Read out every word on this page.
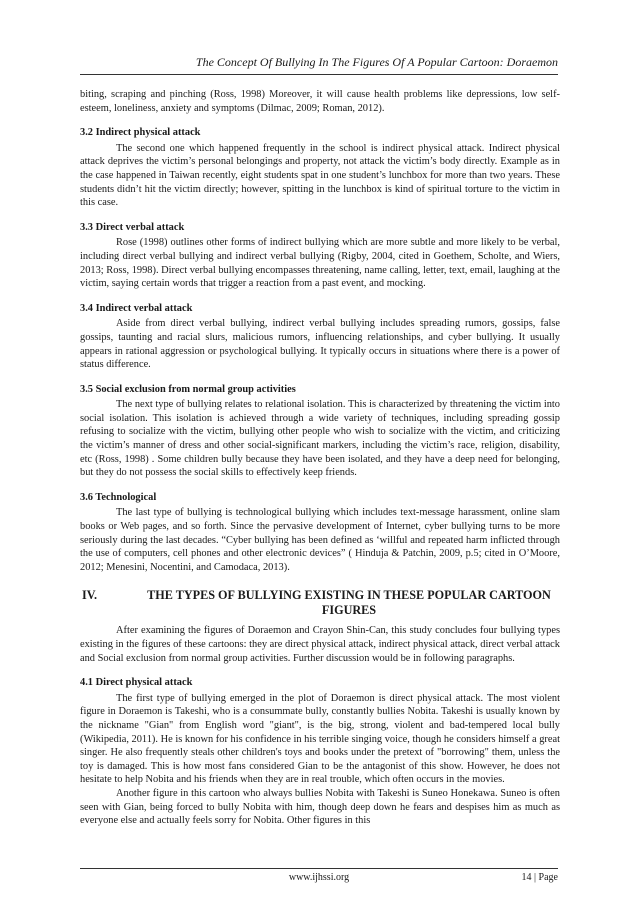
The Concept Of Bullying In The Figures Of A Popular Cartoon: Doraemon

biting, scraping and pinching (Ross, 1998) Moreover, it will cause health problems like depressions, low self-esteem, loneliness, anxiety and symptoms (Dilmac, 2009; Roman, 2012).

3.2 Indirect physical attack

The second one which happened frequently in the school is indirect physical attack. Indirect physical attack deprives the victim’s personal belongings and property, not attack the victim’s body directly. Example as in the case happened in Taiwan recently, eight students spat in one student’s lunchbox for more than two years. These students didn’t hit the victim directly; however, spitting in the lunchbox is kind of spiritual torture to the victim in this case.

3.3 Direct verbal attack

Rose (1998) outlines other forms of indirect bullying which are more subtle and more likely to be verbal, including direct verbal bullying and indirect verbal bullying (Rigby, 2004, cited in Goethem, Scholte, and Wiers, 2013; Ross, 1998). Direct verbal bullying encompasses threatening, name calling, letter, text, email, laughing at the victim, saying certain words that trigger a reaction from a past event, and mocking.

3.4 Indirect verbal attack

Aside from direct verbal bullying, indirect verbal bullying includes spreading rumors, gossips, false gossips, taunting and racial slurs, malicious rumors, influencing relationships, and cyber bullying. It usually appears in rational aggression or psychological bullying. It typically occurs in situations where there is a power of status difference.

3.5 Social exclusion from normal group activities

The next type of bullying relates to relational isolation. This is characterized by threatening the victim into social isolation. This isolation is achieved through a wide variety of techniques, including spreading gossip refusing to socialize with the victim, bullying other people who wish to socialize with the victim, and criticizing the victim’s manner of dress and other social-significant markers, including the victim’s race, religion, disability, etc (Ross, 1998) . Some children bully because they have been isolated, and they have a deep need for belonging, but they do not possess the social skills to effectively keep friends.

3.6 Technological

The last type of bullying is technological bullying which includes text-message harassment, online slam books or Web pages, and so forth. Since the pervasive development of Internet, cyber bullying turns to be more seriously during the last decades. “Cyber bullying has been defined as ‘willful and repeated harm inflicted through the use of computers, cell phones and other electronic devices” ( Hinduja & Patchin, 2009, p.5; cited in O’Moore, 2012; Menesini, Nocentini, and Camodaca, 2013).

IV.	THE TYPES OF BULLYING EXISTING IN THESE POPULAR CARTOON FIGURES

After examining the figures of Doraemon and Crayon Shin-Can, this study concludes four bullying types existing in the figures of these cartoons: they are direct physical attack, indirect physical attack, direct verbal attack and Social exclusion from normal group activities. Further discussion would be in following paragraphs.

4.1 Direct physical attack

The first type of bullying emerged in the plot of Doraemon is direct physical attack. The most violent figure in Doraemon is Takeshi, who is a consummate bully, constantly bullies Nobita. Takeshi is usually known by the nickname "Gian" from English word "giant", is the big, strong, violent and bad-tempered local bully (Wikipedia, 2011). He is known for his confidence in his terrible singing voice, though he considers himself a great singer. He also frequently steals other children's toys and books under the pretext of "borrowing" them, unless the toy is damaged. This is how most fans considered Gian to be the antagonist of this show. However, he does not hesitate to help Nobita and his friends when they are in real trouble, which often occurs in the movies.

Another figure in this cartoon who always bullies Nobita with Takeshi is Suneo Honekawa. Suneo is often seen with Gian, being forced to bully Nobita with him, though deep down he fears and despises him as much as everyone else and actually feels sorry for Nobita. Other figures in this

www.ijhssi.org	14 | Page
